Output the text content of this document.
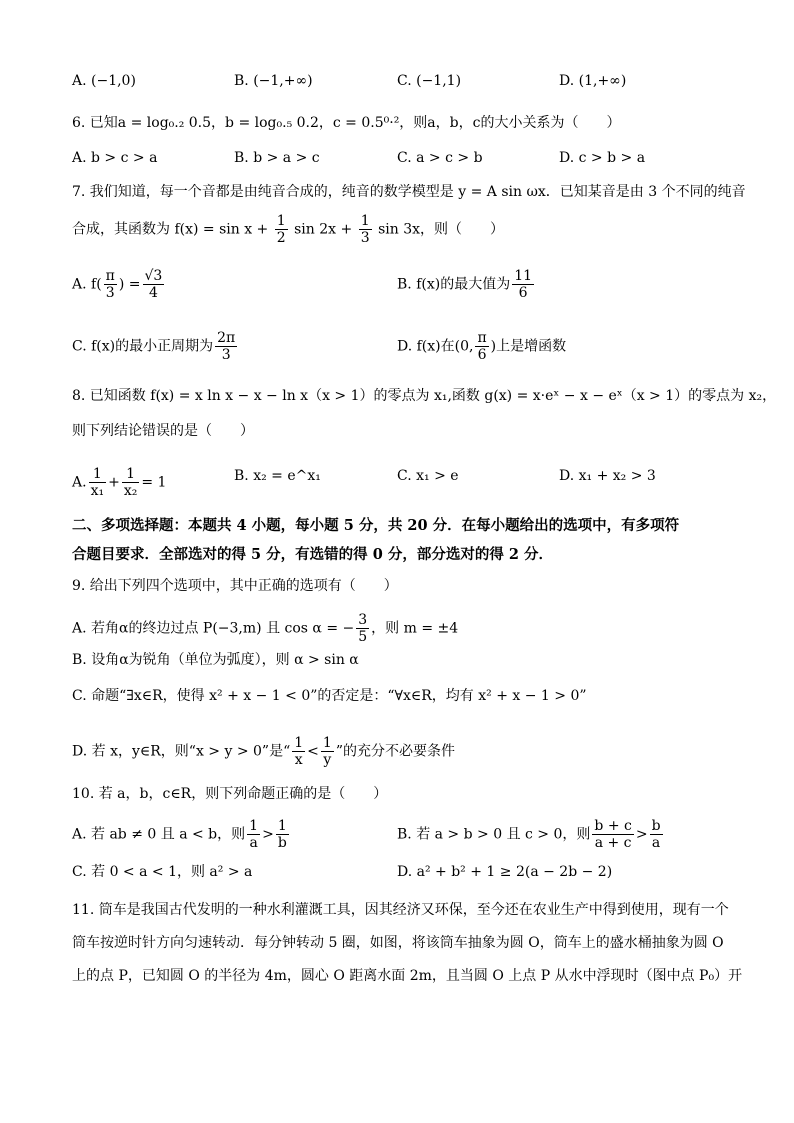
A. (−1,0)	B. (−1,+∞)	C. (−1,1)	D. (1,+∞)
6. 已知a = log₀.₂ 0.5，b = log₀.₅ 0.2，c = 0.5⁰·²，则a，b，c的大小关系为（　　）
A. b > c > a	B. b > a > c	C. a > c > b	D. c > b > a
7. 我们知道，每一个音都是由纯音合成的，纯音的数学模型是 y = A sin ωx．已知某音是由 3 个不同的纯音
合成，其函数为 $f(x) = \sin x + \frac{1}{2}$ $\sin 2x + \frac{1}{3}$ sin 3x，则（　　）
A. $f( \frac{\pi}{3}$ ) = $\frac{√3}{4}$	B. f(x)的最大值为 $\frac{11}{6}$
C. f(x)的最小正周期为 $\frac{2\pi}{3}$	D. f(x)在(0, $\frac{\pi}{6}$ )上是增函数
8. 已知函数 f(x) = x ln x − x − ln x（x > 1）的零点为 x₁,函数 g(x) = x·eˣ − x − eˣ（x > 1）的零点为 x₂，
则下列结论错误的是（　　）
A. $\frac{1}{\text{x₁}} + \frac{1}{\text{x₂}} = 1$	B. x₂ = e^x₁	C. x₁ > e	D. x₁ + x₂ > 3
二、多项选择题：本题共 4 小题，每小题 5 分，共 20 分．在每小题给出的选项中，有多项符
合题目要求．全部选对的得 5 分，有选错的得 0 分，部分选对的得 2 分．
9. 给出下列四个选项中，其中正确的选项有（　　）
A. 若角α的终边过点 P(−3,m) 且 cos α = − $\frac{3}{5}$ ，则 m = ±4
B. 设角α为锐角（单位为弧度），则 α > sin α
C. 命题“∃x∈R，使得 x² + x − 1 < 0”的否定是：“∀x∈R，均有 x² + x − 1 > 0”
D. 若 x，y∈R，则“x > y > 0”是“ $\frac{1}{x} < \frac{1}{y}$ ”的充分不必要条件
10. 若 a，b，c∈R，则下列命题正确的是（　　）
A. 若 ab ≠ 0 且 a < b，则 $\frac{1}{a} > \frac{1}{b}$	B. 若 a > b > 0 且 c > 0，则 $\frac{b + c}{a + c} > \frac{b}{a}$
C. 若 0 < a < 1，则 a² > a	D. a² + b² + 1 ≥ 2(a − 2b − 2)
11. 筒车是我国古代发明的一种水利灌溉工具，因其经济又环保，至今还在农业生产中得到使用，现有一个
筒车按逆时针方向匀速转动．每分钟转动 5 圈，如图，将该筒车抽象为圆 O，筒车上的盛水桶抽象为圆 O
上的点 P，已知圆 O 的半径为 4m，圆心 O 距离水面 2m，且当圆 O 上点 P 从水中浮现时（图中点 P₀）开
